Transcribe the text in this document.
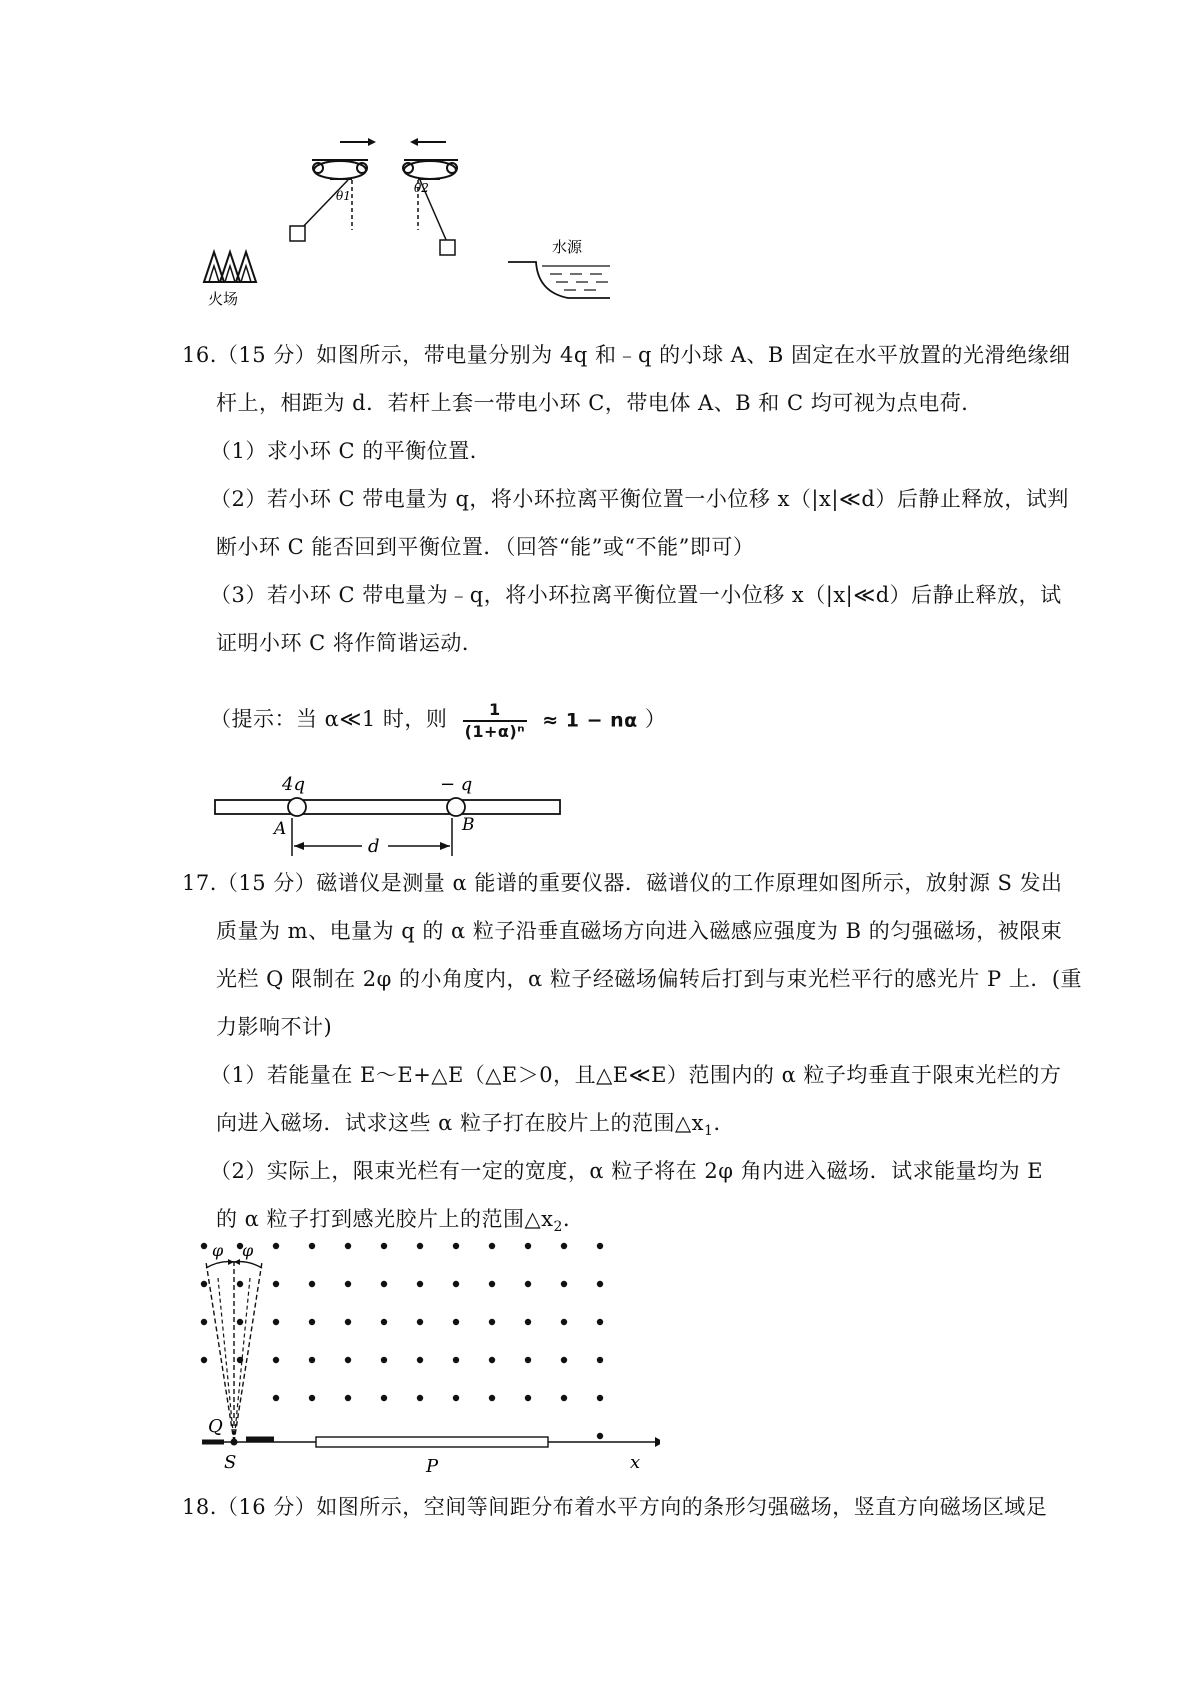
θ1
θ2
火场
水源
16.（15 分）如图所示，带电量分别为 4q 和﹣q 的小球 A、B 固定在水平放置的光滑绝缘细
杆上，相距为 d．若杆上套一带电小环 C，带电体 A、B 和 C 均可视为点电荷．
（1）求小环 C 的平衡位置．
（2）若小环 C 带电量为 q，将小环拉离平衡位置一小位移 x（|x|≪d）后静止释放，试判
断小环 C 能否回到平衡位置．（回答“能”或“不能”即可）
（3）若小环 C 带电量为﹣q，将小环拉离平衡位置一小位移 x（|x|≪d）后静止释放，试
证明小环 C 将作简谐运动．
（提示：当 α≪1 时，则 $\frac{1}{\text{(1+α)ⁿ}} \approx 1 - n\alpha$ ）
4q	− q
A	B
d
17.（15 分）磁谱仪是测量 α 能谱的重要仪器．磁谱仪的工作原理如图所示，放射源 S 发出
质量为 m、电量为 q 的 α 粒子沿垂直磁场方向进入磁感应强度为 B 的匀强磁场，被限束
光栏 Q 限制在 2φ 的小角度内，α 粒子经磁场偏转后打到与束光栏平行的感光片 P 上．(重
力影响不计)
（1）若能量在 E～E+△E（△E＞0，且△E≪E）范围内的 α 粒子均垂直于限束光栏的方
向进入磁场．试求这些 α 粒子打在胶片上的范围$\triangle x_1$．
（2）实际上，限束光栏有一定的宽度，α 粒子将在 2φ 角内进入磁场．试求能量均为 E
的 α 粒子打到感光胶片上的范围$\triangle x_2$．
φ φ
Q
S	P	x
18.（16 分）如图所示，空间等间距分布着水平方向的条形匀强磁场，竖直方向磁场区域足
